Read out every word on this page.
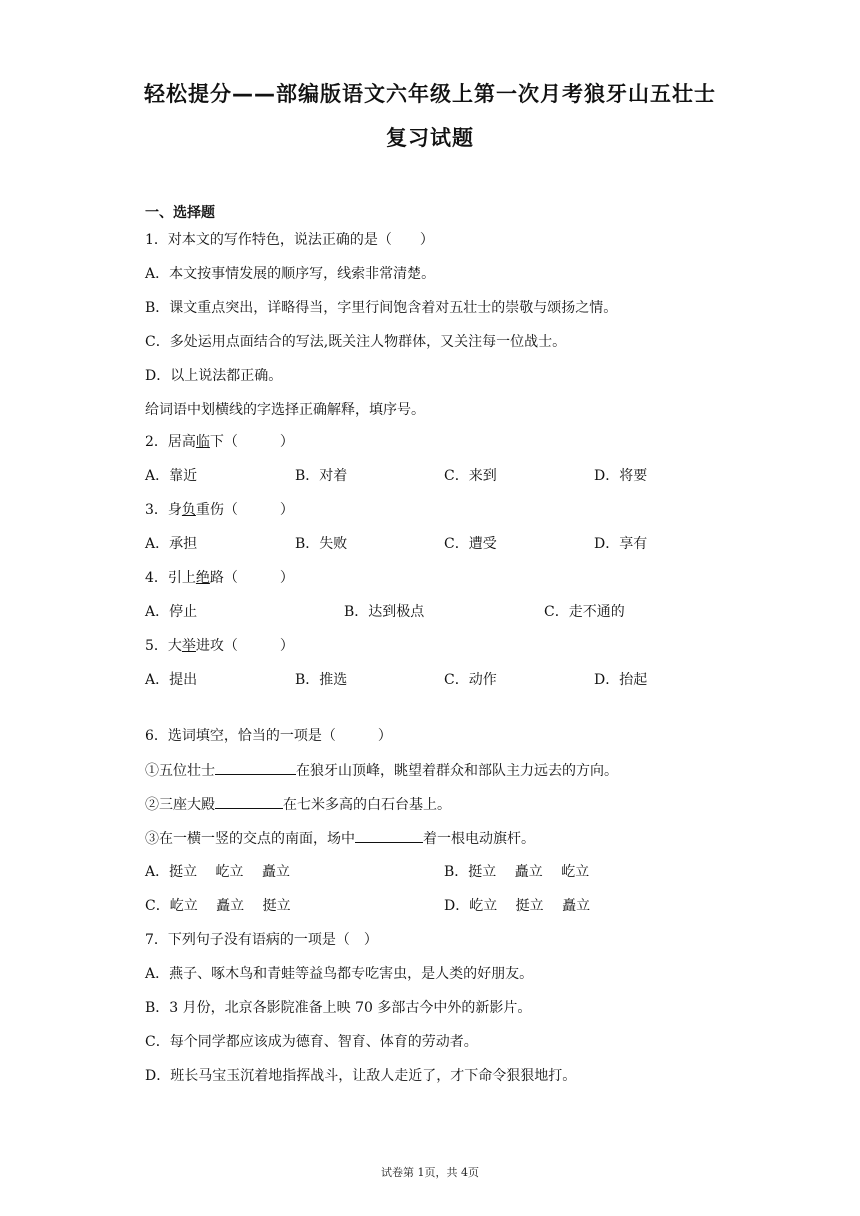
轻松提分——部编版语文六年级上第一次月考狼牙山五壮士
复习试题
一、选择题
1．对本文的写作特色，说法正确的是（　　）
A．本文按事情发展的顺序写，线索非常清楚。
B．课文重点突出，详略得当，字里行间饱含着对五壮士的崇敬与颂扬之情。
C．多处运用点面结合的写法,既关注人物群体，又关注每一位战士。
D．以上说法都正确。
给词语中划横线的字选择正确解释，填序号。
2．居高临下（　　　）
A．靠近	B．对着	C．来到	D．将要
3．身负重伤（　　　）
A．承担	B．失败	C．遭受	D．享有
4．引上绝路（　　　）
A．停止	B．达到极点	C．走不通的
5．大举进攻（　　　）
A．提出	B．推选	C．动作	D．抬起
6．选词填空，恰当的一项是（　　　）
①五位壮士	在狼牙山顶峰，眺望着群众和部队主力远去的方向。
②三座大殿	在七米多高的白石台基上。
③在一横一竖的交点的南面，场中	着一根电动旗杆。
A．挺立　 屹立　 矗立	B．挺立　 矗立　 屹立
C．屹立　 矗立　 挺立	D．屹立　 挺立　 矗立
7．下列句子没有语病的一项是（　）
A．燕子、啄木鸟和青蛙等益鸟都专吃害虫，是人类的好朋友。
B．3 月份，北京各影院准备上映 70 多部古今中外的新影片。
C．每个同学都应该成为德育、智育、体育的劳动者。
D．班长马宝玉沉着地指挥战斗，让敌人走近了，才下命令狠狠地打。
试卷第 1页，共 4页
